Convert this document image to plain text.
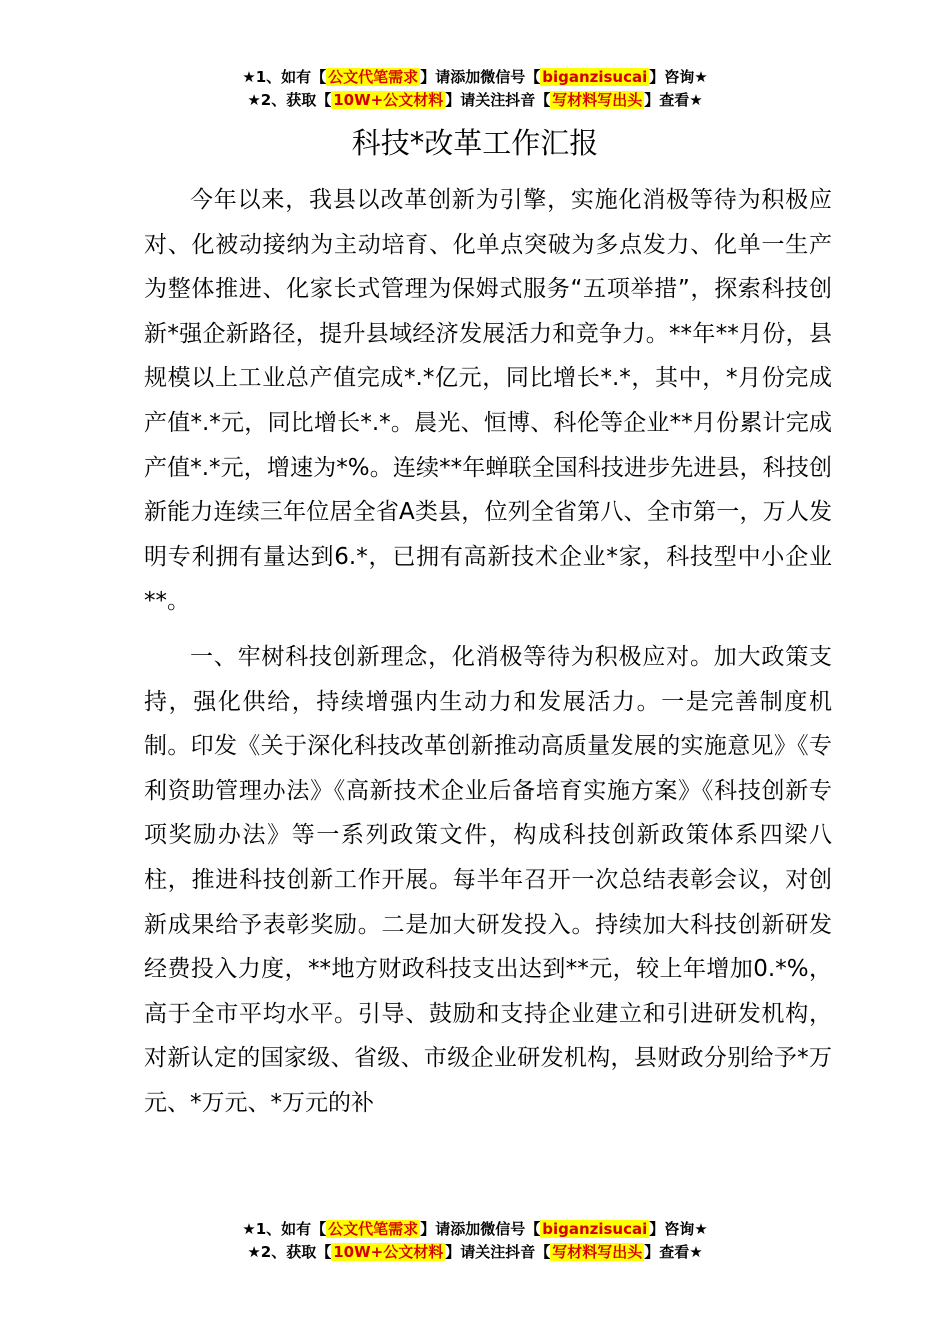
★1、如有【 公文代笔需求 】请添加微信号【 biganzisucai 】咨询★
★2、获取【 10W+公文材料 】请关注抖音【 写材料写出头 】查看★
科技*改革工作汇报

今年以来，我县以改革创新为引擎，实施化消极等待为积极应对、化被动接纳为主动培育、化单点突破为多点发力、化单一生产为整体推进、化家长式管理为保姆式服务“五项举措”，探索科技创新*强企新路径，提升县域经济发展活力和竞争力。**年**月份，县规模以上工业总产值完成*.*亿元，同比增长*.*，其中，*月份完成产值*.*元，同比增长*.*。晨光、恒博、科伦等企业**月份累计完成产值*.*元，增速为*%。连续**年蝉联全国科技进步先进县，科技创新能力连续三年位居全省A类县，位列全省第八、全市第一，万人发明专利拥有量达到6.*，已拥有高新技术企业*家，科技型中小企业**。

一、牢树科技创新理念，化消极等待为积极应对。加大政策支持，强化供给，持续增强内生动力和发展活力。一是完善制度机制。印发《关于深化科技改革创新推动高质量发展的实施意见》《专利资助管理办法》《高新技术企业后备培育实施方案》《科技创新专项奖励办法》等一系列政策文件，构成科技创新政策体系四梁八柱，推进科技创新工作开展。每半年召开一次总结表彰会议，对创新成果给予表彰奖励。二是加大研发投入。持续加大科技创新研发经费投入力度，**地方财政科技支出达到**元，较上年增加0.*%，高于全市平均水平。引导、鼓励和支持企业建立和引进研发机构，对新认定的国家级、省级、市级企业研发机构，县财政分别给予*万元、*万元、*万元的补

★1、如有【 公文代笔需求 】请添加微信号【 biganzisucai 】咨询★
★2、获取【 10W+公文材料 】请关注抖音【 写材料写出头 】查看★
